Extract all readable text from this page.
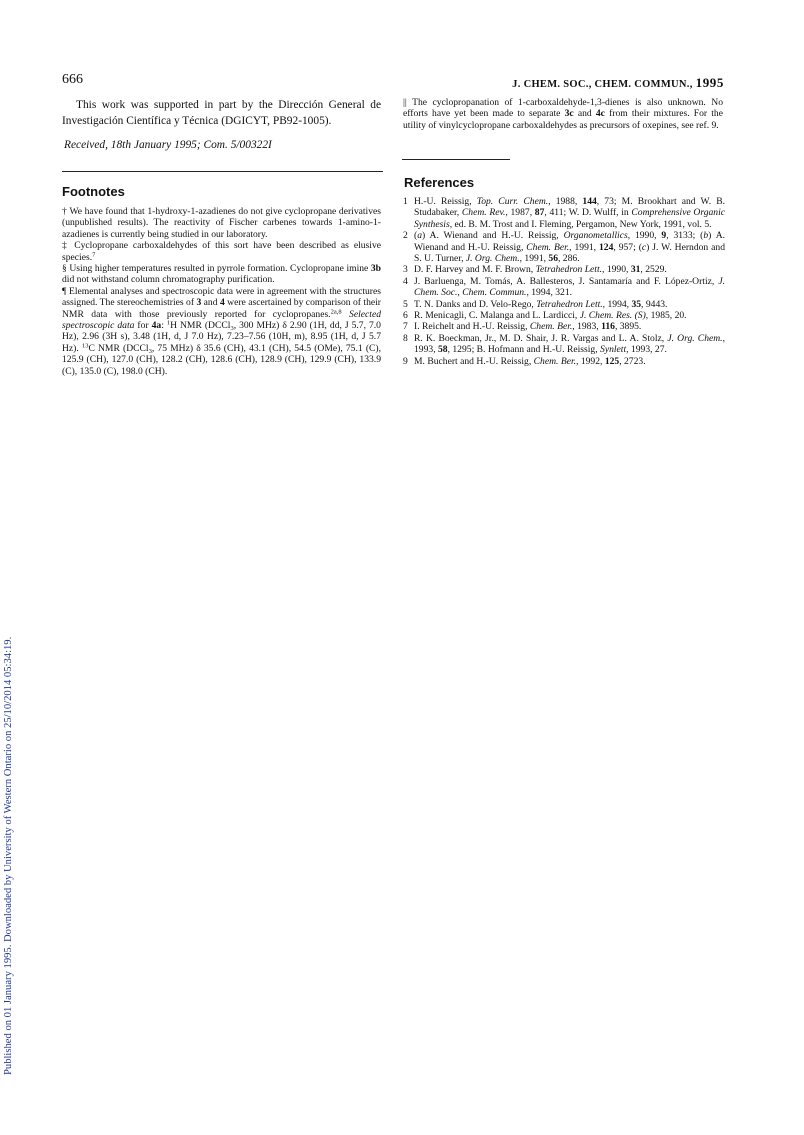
Published on 01 January 1995. Downloaded by University of Western Ontario on 25/10/2014 05:34:19.
666	J. CHEM. SOC., CHEM. COMMUN., 1995

This work was supported in part by the Dirección General de Investigación Científica y Técnica (DGICYT, PB92-1005).

Received, 18th January 1995; Com. 5/00322I

Footnotes

† We have found that 1-hydroxy-1-azadienes do not give cyclopropane derivatives (unpublished results). The reactivity of Fischer carbenes towards 1-amino-1-azadienes is currently being studied in our laboratory.

‡ Cyclopropane carboxaldehydes of this sort have been described as elusive species.$^7$

§ Using higher temperatures resulted in pyrrole formation. Cyclopropane imine 3b did not withstand column chromatography purification.

¶ Elemental analyses and spectroscopic data were in agreement with the structures assigned. The stereochemistries of 3 and 4 were ascertained by comparison of their NMR data with those previously reported for cyclopropanes.$^{2a,8}$ Selected spectroscopic data for 4a: $^1$H NMR (DCCl$_3$, 300 MHz) δ 2.90 (1H, dd, J 5.7, 7.0 Hz), 2.96 (3H s), 3.48 (1H, d, J 7.0 Hz), 7.23–7.56 (10H, m), 8.95 (1H, d, J 5.7 Hz). $^{13}$C NMR (DCCl$_3$, 75 MHz) δ 35.6 (CH), 43.1 (CH), 54.5 (OMe), 75.1 (C), 125.9 (CH), 127.0 (CH), 128.2 (CH), 128.6 (CH), 128.9 (CH), 129.9 (CH), 133.9 (C), 135.0 (C), 198.0 (CH).

|| The cyclopropanation of 1-carboxaldehyde-1,3-dienes is also unknown. No efforts have yet been made to separate 3c and 4c from their mixtures. For the utility of vinylcyclopropane carboxaldehydes as precursors of oxepines, see ref. 9.

References

1 H.-U. Reissig, Top. Curr. Chem., 1988, 144, 73; M. Brookhart and W. B. Studabaker, Chem. Rev., 1987, 87, 411; W. D. Wulff, in Comprehensive Organic Synthesis, ed. B. M. Trost and I. Fleming, Pergamon, New York, 1991, vol. 5.

2 (a) A. Wienand and H.-U. Reissig, Organometallics, 1990, 9, 3133; (b) A. Wienand and H.-U. Reissig, Chem. Ber., 1991, 124, 957; (c) J. W. Herndon and S. U. Turner, J. Org. Chem., 1991, 56, 286.

3 D. F. Harvey and M. F. Brown, Tetrahedron Lett., 1990, 31, 2529.

4 J. Barluenga, M. Tomás, A. Ballesteros, J. Santamaría and F. López-Ortiz, J. Chem. Soc., Chem. Commun., 1994, 321.

5 T. N. Danks and D. Velo-Rego, Tetrahedron Lett., 1994, 35, 9443.

6 R. Menicagli, C. Malanga and L. Lardicci, J. Chem. Res. (S), 1985, 20.

7 I. Reichelt and H.-U. Reissig, Chem. Ber., 1983, 116, 3895.

8 R. K. Boeckman, Jr., M. D. Shair, J. R. Vargas and L. A. Stolz, J. Org. Chem., 1993, 58, 1295; B. Hofmann and H.-U. Reissig, Synlett, 1993, 27.

9 M. Buchert and H.-U. Reissig, Chem. Ber., 1992, 125, 2723.
